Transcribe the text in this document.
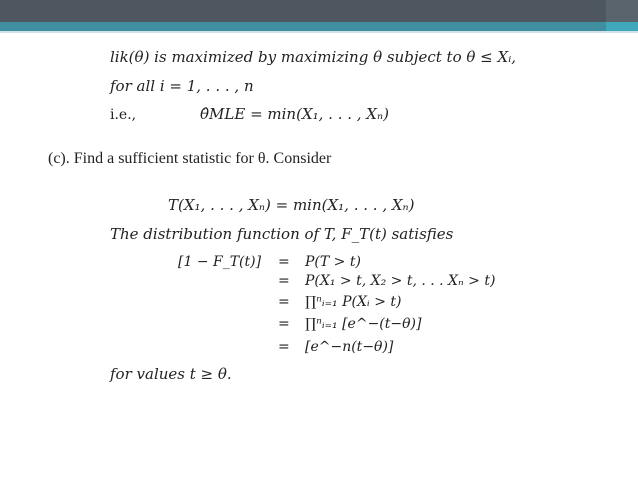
lik(θ) is maximized by maximizing θ subject to θ ≤ Xᵢ,
for all i = 1, . . . , n
i.e.,	θ̂MLE = min(X₁, . . . , Xₙ)
(c). Find a sufficient statistic for θ. Consider
T(X₁, . . . , Xₙ) = min(X₁, . . . , Xₙ)
The distribution function of T, F_T(t) satisfies
[1 − F_T(t)] =
=
=
=
=
P(T > t)
P(X₁ > t, X₂ > t, . . . Xₙ > t)
∏ⁿᵢ₌₁ P(Xᵢ > t)
∏ⁿᵢ₌₁ [e^−(t−θ)]
[e^−n(t−θ)]
for values t ≥ θ.
